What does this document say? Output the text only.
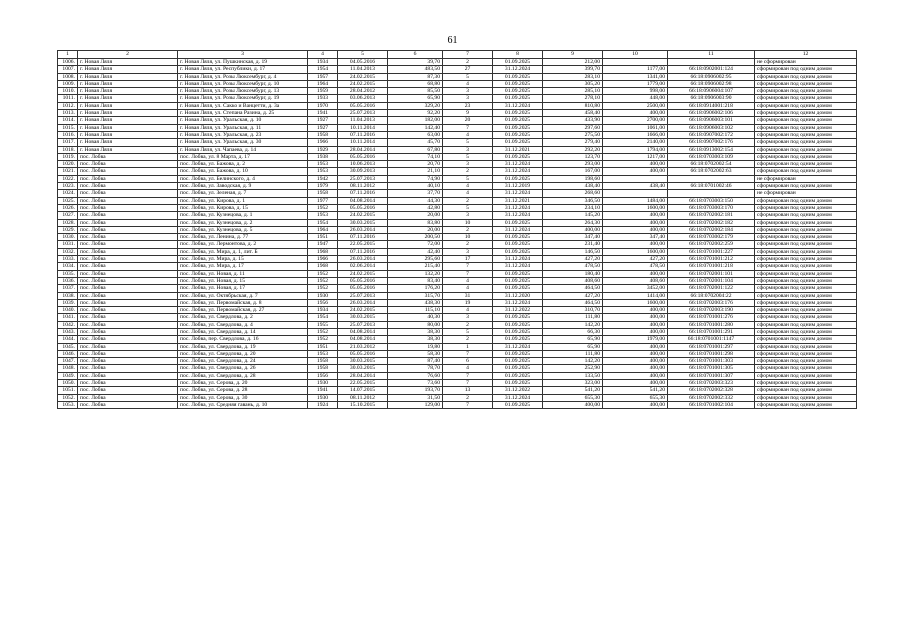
61
1	2	3	4	5	6	7	8	9	10	11	12
1006.	г. Новая Ляля	г. Новая Ляля, ул. Пушкинская, д. 19	1934	04.05.2016	39,70	2	01.09.2025	212,00			не сформирован
1007.	г. Новая Ляля	г. Новая Ляля, ул. Республики, д. 17	1954	11.04.2013	483,50	27	31.12.2024	399,70	1177,00	66:18:0902001:124	сформирован под одним домом
1008.	г. Новая Ляля	г. Новая Ляля, ул. Розы Люксембург, д. 4	1957	24.02.2015	87,30	5	01.09.2025	283,10	1341,00	66:18:0906002:95	сформирован под одним домом
1009.	г. Новая Ляля	г. Новая Ляля, ул. Розы Люксембург, д. 10	1964	24.02.2015	68,80	4	01.09.2025	305,20	1779,00	66:18:0906002:98	сформирован под одним домом
1010.	г. Новая Ляля	г. Новая Ляля, ул. Розы Люксембург, д. 13	1959	28.04.2012	85,50	3	01.09.2025	285,10	998,00	66:18:0906004:107	сформирован под одним домом
1011.	г. Новая Ляля	г. Новая Ляля, ул. Розы Люксембург, д. 19	1933	03.06.2013	65,90	3	01.09.2025	278,10	448,00	66:18:0906003:90	сформирован под одним домом
1012.	г. Новая Ляля	г. Новая Ляля, ул. Сакко и Ванцетти, д. 3а	1970	05.05.2016	329,20	23	31.12.2024	810,80	2500,00	66:18:0914001:218	сформирован под одним домом
1013.	г. Новая Ляля	г. Новая Ляля, ул. Степана Разина, д. 25	1941	25.07.2013	92,20	9	01.09.2025	458,40	400,00	66:18:0906002:106	сформирован под одним домом
1014.	г. Новая Ляля	г. Новая Ляля, ул. Уральская, д. 10	1927	11.04.2013	182,00	20	01.09.2025	433,90	2700,00	66:18:0906003:101	сформирован под одним домом
1015.	г. Новая Ляля	г. Новая Ляля, ул. Уральская, д. 11	1927	10.11.2014	142,40	7	01.09.2025	297,60	1061,00	66:18:0906003:102	сформирован под одним домом
1016.	г. Новая Ляля	г. Новая Ляля, ул. Уральская, д. 23	1958	07.11.2016	63,00	4	01.09.2025	275,50	1666,00	66:18:0907002:172	сформирован под одним домом
1017.	г. Новая Ляля	г. Новая Ляля, ул. Уральская, д. 30	1966	10.11.2014	45,70	5	01.09.2025	279,40	2140,00	66:18:0907002:176	сформирован под одним домом
1018.	г. Новая Ляля	г. Новая Ляля, ул. Чапаева, д. 14	1929	28.04.2014	67,80	3	31.12.2021	292,20	1794,00	66:18:0913002:154	сформирован под одним домом
1019.	пос. Лобва	пос. Лобва, ул. 8 Марта, д. 17	1938	05.05.2016	74,10	5	01.09.2025	123,70	1217,00	66:18:0703003:109	сформирован под одним домом
1020.	пос. Лобва	пос. Лобва, ул. Бажова, д. 2	1953	10.06.2013	20,70	3	31.12.2024	293,00	400,00	66:18:0702002:54	сформирован под одним домом
1021.	пос. Лобва	пос. Лобва, ул. Бажова, д. 10	1953	30.09.2013	21,10	2	31.12.2024	167,00	400,00	66:18:0702002:63	сформирован под одним домом
1022.	пос. Лобва	пос. Лобва, ул. Белинского, д. 4	1942	25.07.2013	74,90	5	01.09.2025	198,60			не сформирован
1023.	пос. Лобва	пос. Лобва, ул. Заводская, д. 9	1979	08.11.2012	40,10	4	31.12.2019	438,40	438,40	66:18:0701002:46	сформирован под одним домом
1024.	пос. Лобва	пос. Лобва, ул. Зеленая, д. 7	1958	07.11.2016	37,70	4	31.12.2024	268,60			не сформирован
1025.	пос. Лобва	пос. Лобва, ул. Кирова, д. 1	1977	04.08.2014	44,30	2	31.12.2021	346,50	1484,00	66:18:0703003:150	сформирован под одним домом
1026.	пос. Лобва	пос. Лобва, ул. Кирова, д. 15	1952	05.05.2016	42,80	5	31.12.2024	234,10	1600,00	66:18:0703003:170	сформирован под одним домом
1027.	пос. Лобва	пос. Лобва, ул. Кузнецова, д. 1	1953	24.02.2015	20,00	3	31.12.2024	145,20	400,00	66:18:0702002:181	сформирован под одним домом
1028.	пос. Лобва	пос. Лобва, ул. Кузнецова, д. 2	1954	30.03.2015	83,80	10	01.09.2025	264,30	400,00	66:18:0702002:182	сформирован под одним домом
1029.	пос. Лобва	пос. Лобва, ул. Кузнецова, д. 5	1964	26.03.2014	20,00	2	31.12.2024	400,00	400,00	66:18:0702002:184	сформирован под одним домом
1030.	пос. Лобва	пос. Лобва, ул. Ленина, д. 77	1951	07.11.2016	200,50	10	01.09.2025	347,40	347,40	66:18:0703002:179	сформирован под одним домом
1031.	пос. Лобва	пос. Лобва, ул. Лермонтова, д. 2	1947	22.05.2015	72,00	2	01.09.2025	231,40	400,00	66:18:0702002:259	сформирован под одним домом
1032.	пос. Лобва	пос. Лобва, ул. Мира, д. 1, лит. Б	1968	07.11.2016	42,40	3	01.09.2025	146,50	1600,00	66:18:0701001:227	сформирован под одним домом
1033.	пос. Лобва	пос. Лобва, ул. Мира, д. 15	1966	26.03.2014	295,60	17	31.12.2024	427,20	427,20	66:18:0701001:212	сформирован под одним домом
1034.	пос. Лобва	пос. Лобва, ул. Мира, д. 17	1968	02.06.2014	215,40	7	31.12.2024	478,50	478,50	66:18:0701001:218	сформирован под одним домом
1035.	пос. Лобва	пос. Лобва, ул. Новая, д. 11	1952	24.02.2015	132,20	7	01.09.2025	180,40	400,00	66:18:0702001:101	сформирован под одним домом
1036.	пос. Лобва	пос. Лобва, ул. Новая, д. 15	1952	05.05.2016	83,40	4	01.09.2025	408,60	408,60	66:18:0702001:104	сформирован под одним домом
1037.	пос. Лобва	пос. Лобва, ул. Новая, д. 17	1952	05.05.2016	176,20	4	01.09.2025	464,50	3452,00	66:18:0702001:122	сформирован под одним домом
1038.	пос. Лобва	пос. Лобва, ул. Октябрьская, д. 7	1930	25.07.2013	315,70	31	31.12.2020	427,20	1414,00	66:18:0702004:22	сформирован под одним домом
1039.	пос. Лобва	пос. Лобва, ул. Первомайская, д. 8	1956	26.03.2014	438,30	19	31.12.2024	464,50	1600,00	66:18:0702003:176	сформирован под одним домом
1040.	пос. Лобва	пос. Лобва, ул. Первомайская, д. 27	1934	24.02.2015	115,10	4	31.12.2022	310,70	400,00	66:18:0702003:190	сформирован под одним домом
1041.	пос. Лобва	пос. Лобва, ул. Свердлова, д. 2	1954	30.03.2015	40,30	3	01.09.2025	111,80	400,00	66:18:0701001:276	сформирован под одним домом
1042.	пос. Лобва	пос. Лобва, ул. Свердлова, д. 4	1955	25.07.2013	80,00	2	01.09.2025	142,20	400,00	66:18:0701001:280	сформирован под одним домом
1043.	пос. Лобва	пос. Лобва, ул. Свердлова, д. 14	1952	04.08.2014	38,30	5	01.09.2025	66,30	400,00	66:18:0701001:291	сформирован под одним домом
1044.	пос. Лобва	пос. Лобва, пер. Свердлова, д. 16	1952	04.08.2014	38,30	2	01.09.2025	65,90	1979,00	66:18:0701001:1147	сформирован под одним домом
1045.	пос. Лобва	пос. Лобва, ул. Свердлова, д. 19	1951	21.03.2012	19,80	1	31.12.2024	65,90	400,00	66:18:0701001:297	сформирован под одним домом
1046.	пос. Лобва	пос. Лобва, ул. Свердлова, д. 20	1953	05.05.2016	58,30	7	01.09.2025	111,80	400,00	66:18:0701001:298	сформирован под одним домом
1047.	пос. Лобва	пос. Лобва, ул. Свердлова, д. 24	1958	30.03.2015	87,40	6	01.09.2025	142,20	400,00	66:18:0701001:303	сформирован под одним домом
1048.	пос. Лобва	пос. Лобва, ул. Свердлова, д. 26	1958	30.03.2015	78,70	4	01.09.2025	252,90	400,00	66:18:0701001:305	сформирован под одним домом
1049.	пос. Лобва	пос. Лобва, ул. Свердлова, д. 28	1956	28.04.2014	76,60	7	01.09.2025	133,50	400,00	66:18:0701001:307	сформирован под одним домом
1050.	пос. Лобва	пос. Лобва, ул. Серова, д. 20	1930	22.05.2015	73,60	7	01.09.2025	323,00	400,00	66:18:0702003:323	сформирован под одним домом
1051.	пос. Лобва	пос. Лобва, ул. Серова, д. 28	1941	14.07.2015	193,70	13	31.12.2022	541,20	541,20	66:18:0702002:328	сформирован под одним домом
1052.	пос. Лобва	пос. Лобва, ул. Серова, д. 30	1930	08.11.2012	31,50	2	31.12.2024	655,30	655,30	66:18:0702002:332	сформирован под одним домом
1053.	пос. Лобва	пос. Лобва, ул. Средняя гавань, д. 10	1924	15.10.2015	129,00	7	01.09.2025	400,00	400,00	66:18:0701002:104	сформирован под одним домом
